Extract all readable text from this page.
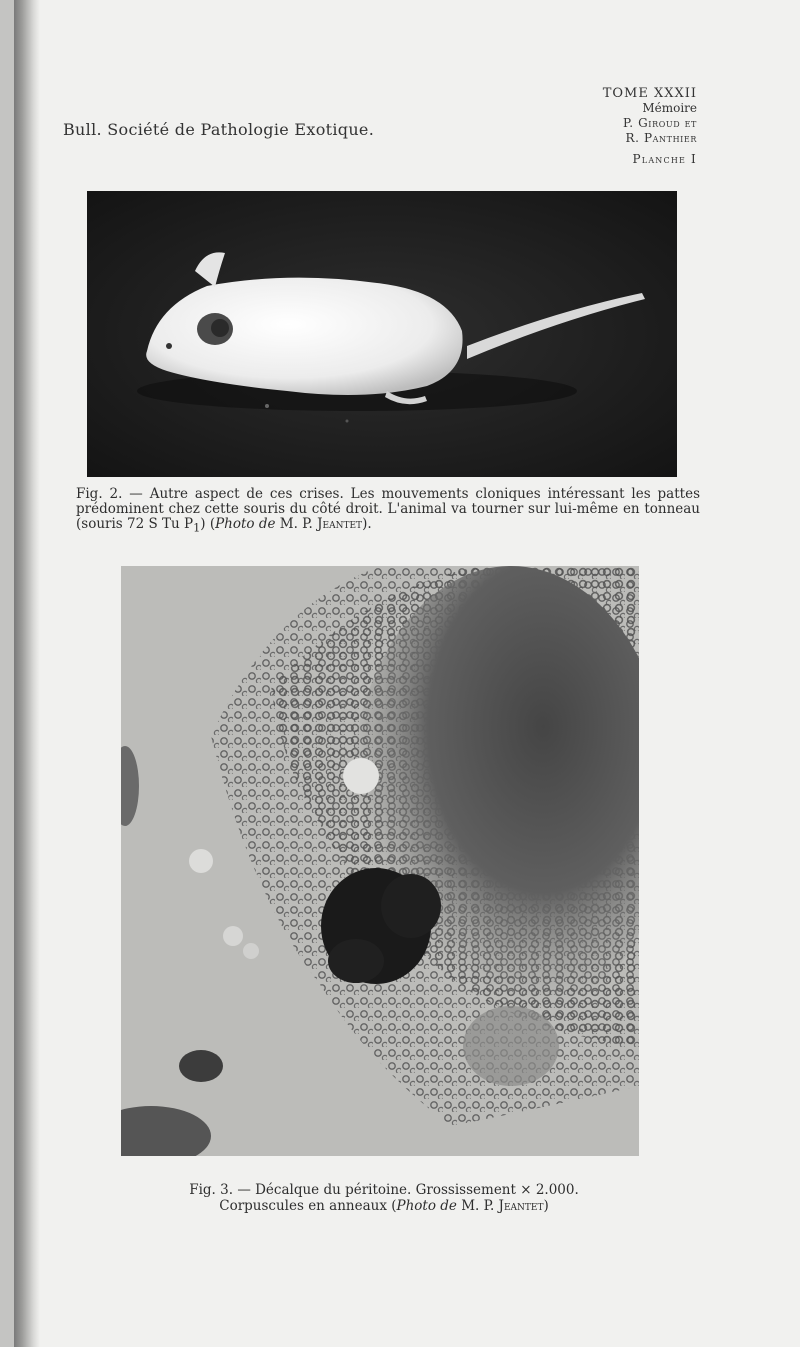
Bull. Société de Pathologie Exotique.
TOME XXXII
Mémoire
P. Giroud et
R. Panthier
Planche I
Fig. 2. — Autre aspect de ces crises. Les mouvements cloniques intéressant les pattes prédominent chez cette souris du côté droit. L'animal va tourner sur lui-même en tonneau (souris 72 S Tu $P_1$) (Photo de M. P. Jeantet).
Fig. 3. — Décalque du péritoine. Grossissement × 2.000.
Corpuscules en anneaux (Photo de M. P. Jeantet)
